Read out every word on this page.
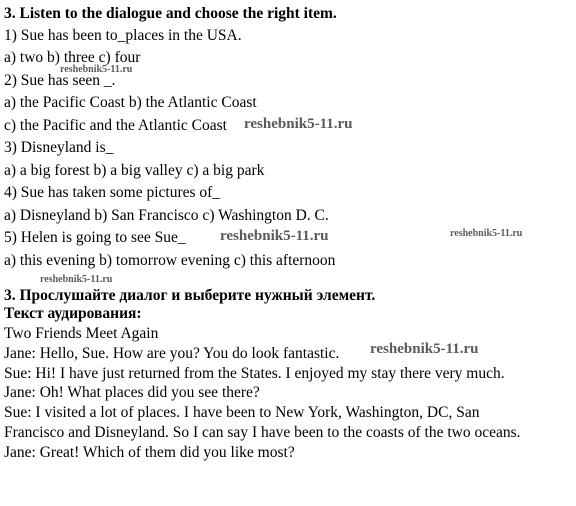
3. Listen to the dialogue and choose the right item.
1) Sue has been to_places in the USA.
a) two b) three c) four
2) Sue has seen _.
a) the Pacific Coast b) the Atlantic Coast
c) the Pacific and the Atlantic Coast
3) Disneyland is_
a) a big forest b) a big valley c) a big park
4) Sue has taken some pictures of_
a) Disneyland b) San Francisco c) Washington D. C.
5) Helen is going to see Sue_
a) this evening b) tomorrow evening c) this afternoon
3. Прослушайте диалог и выберите нужный элемент.
Текст аудирования:
Two Friends Meet Again
Jane: Hello, Sue. How are you? You do look fantastic.
Sue: Hi! I have just returned from the States. I enjoyed my stay there very much.
Jane: Oh! What places did you see there?
Sue: I visited a lot of places. I have been to New York, Washington, DC, San
Francisco and Disneyland. So I can say I have been to the coasts of the two oceans.
Jane: Great! Which of them did you like most?
reshebnik5-11.ru
reshebnik5-11.ru
reshebnik5-11.ru	reshebnik5-11.ru
reshebnik5-11.ru
reshebnik5-11.ru
